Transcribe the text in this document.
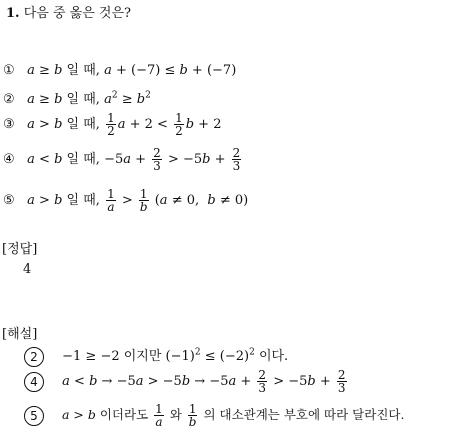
1. 다음 중 옳은 것은?
① a ≥ b 일 때, a + (−7) ≤ b + (−7)
② a ≥ b 일 때, $a^2 \ge b^2$
③ a > b 일 때, $\frac{1}{2}$ $a + 2 < \frac{1}{2}$ b + 2
④ a < b 일 때, $-5a + \frac{2}{3} > -5b + \frac{2}{3}$
⑤ a > b 일 때, $\frac{1}{a} > \frac{1}{b} (a \ne 0$,  b ≠ 0)
[정답]
4
[해설]
2 −1 ≥ −2 이지만 $(-1)^2 \le (-2)^2$ 이다.
4 $a < b \to -5a > -5b \to -5a + \frac{2}{3} > -5b + \frac{2}{3}$
5 a > b 이더라도 $\frac{1}{a}$ 와 $\frac{1}{b}$ 의 대소관계는 부호에 따라 달라진다.
